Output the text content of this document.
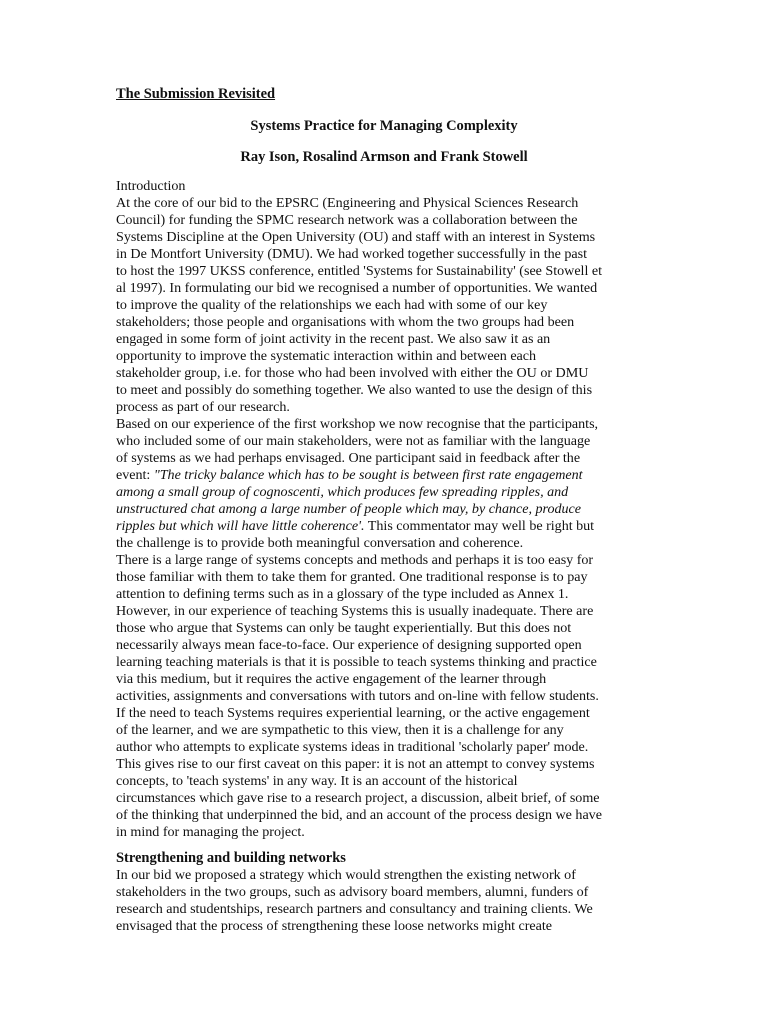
The Submission Revisited
Systems Practice for Managing Complexity
Ray Ison, Rosalind Armson and Frank Stowell
Introduction
At the core of our bid to the EPSRC (Engineering and Physical Sciences Research
Council) for funding the SPMC research network was a collaboration between the
Systems Discipline at the Open University (OU) and staff with an interest in Systems
in De Montfort University (DMU). We had worked together successfully in the past
to host the 1997 UKSS conference, entitled 'Systems for Sustainability' (see Stowell et
al 1997). In formulating our bid we recognised a number of opportunities. We wanted
to improve the quality of the relationships we each had with some of our key
stakeholders; those people and organisations with whom the two groups had been
engaged in some form of joint activity in the recent past. We also saw it as an
opportunity to improve the systematic interaction within and between each
stakeholder group, i.e. for those who had been involved with either the OU or DMU
to meet and possibly do something together. We also wanted to use the design of this
process as part of our research.
Based on our experience of the first workshop we now recognise that the participants,
who included some of our main stakeholders, were not as familiar with the language
of systems as we had perhaps envisaged. One participant said in feedback after the
event: "The tricky balance which has to be sought is between first rate engagement
among a small group of cognoscenti, which produces few spreading ripples, and
unstructured chat among a large number of people which may, by chance, produce
ripples but which will have little coherence'. This commentator may well be right but
the challenge is to provide both meaningful conversation and coherence.
There is a large range of systems concepts and methods and perhaps it is too easy for
those familiar with them to take them for granted. One traditional response is to pay
attention to defining terms such as in a glossary of the type included as Annex 1.
However, in our experience of teaching Systems this is usually inadequate. There are
those who argue that Systems can only be taught experientially. But this does not
necessarily always mean face-to-face. Our experience of designing supported open
learning teaching materials is that it is possible to teach systems thinking and practice
via this medium, but it requires the active engagement of the learner through
activities, assignments and conversations with tutors and on-line with fellow students.
If the need to teach Systems requires experiential learning, or the active engagement
of the learner, and we are sympathetic to this view, then it is a challenge for any
author who attempts to explicate systems ideas in traditional 'scholarly paper' mode.
This gives rise to our first caveat on this paper: it is not an attempt to convey systems
concepts, to 'teach systems' in any way. It is an account of the historical
circumstances which gave rise to a research project, a discussion, albeit brief, of some
of the thinking that underpinned the bid, and an account of the process design we have
in mind for managing the project.
Strengthening and building networks
In our bid we proposed a strategy which would strengthen the existing network of
stakeholders in the two groups, such as advisory board members, alumni, funders of
research and studentships, research partners and consultancy and training clients. We
envisaged that the process of strengthening these loose networks might create
